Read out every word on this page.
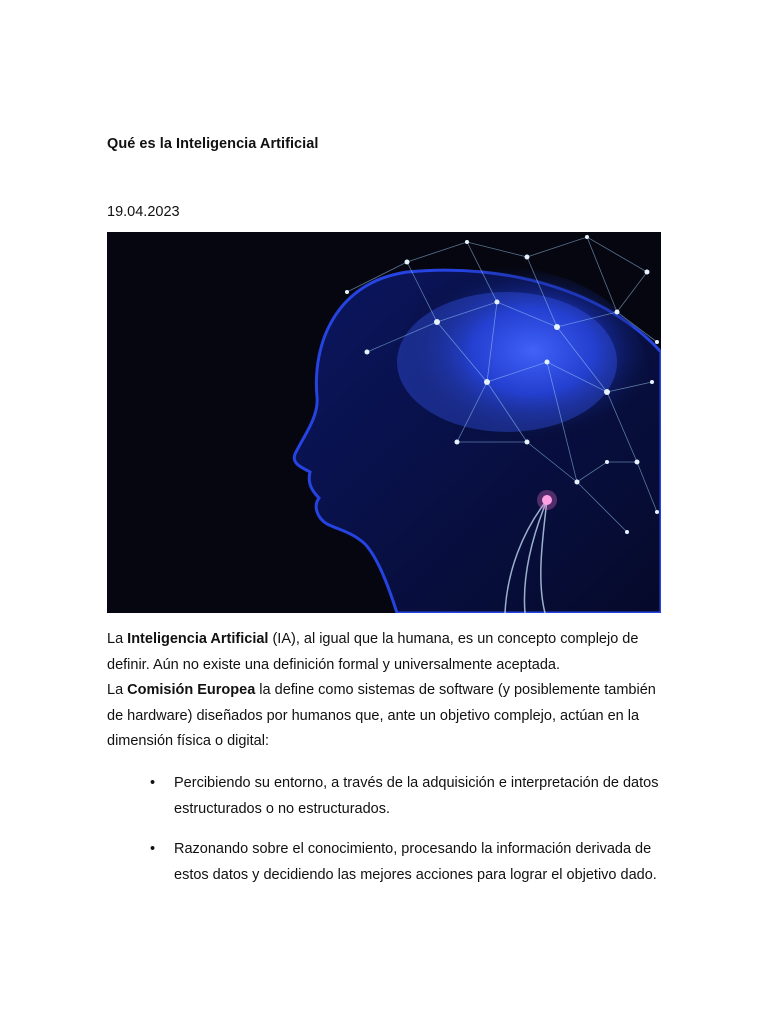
Qué es la Inteligencia Artificial

19.04.2023

La Inteligencia Artificial (IA), al igual que la humana, es un concepto complejo de definir. Aún no existe una definición formal y universalmente aceptada.

La Comisión Europea la define como sistemas de software (y posiblemente también de hardware) diseñados por humanos que, ante un objetivo complejo, actúan en la dimensión física o digital:

• Percibiendo su entorno, a través de la adquisición e interpretación de datos estructurados o no estructurados.
• Razonando sobre el conocimiento, procesando la información derivada de estos datos y decidiendo las mejores acciones para lograr el objetivo dado.
